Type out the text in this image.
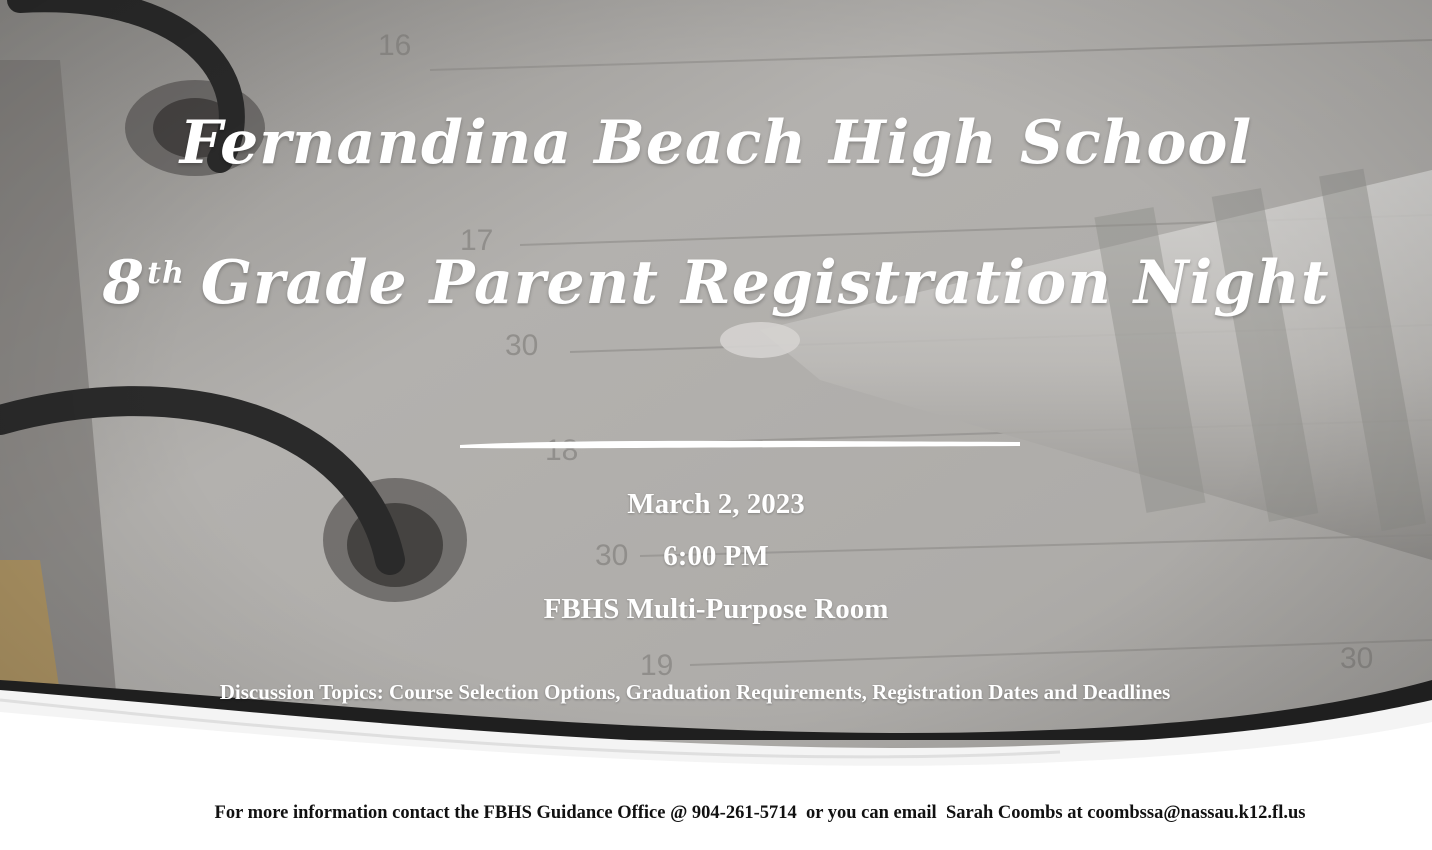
Fernandina Beach High School
8th Grade Parent Registration Night
March 2, 2023
6:00 PM
FBHS Multi-Purpose Room
Discussion Topics: Course Selection Options, Graduation Requirements, Registration Dates and Deadlines
For more information contact the FBHS Guidance Office @ 904-261-5714  or you can email  Sarah Coombs at coombssa@nassau.k12.fl.us
